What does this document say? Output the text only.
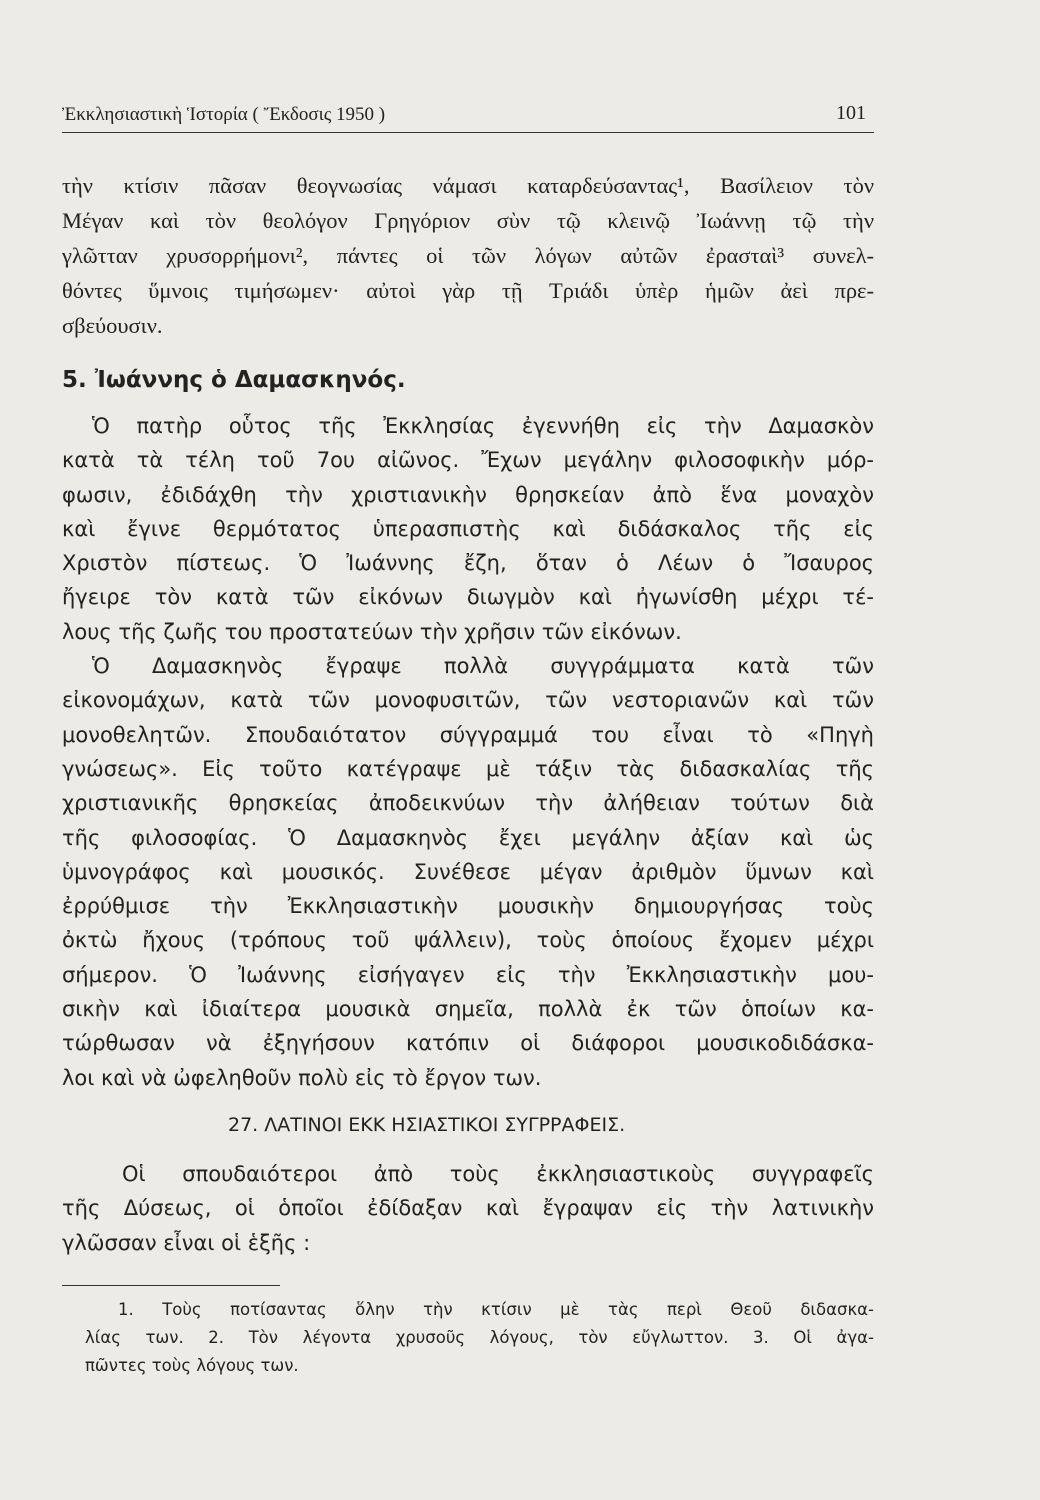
Ἐκκλησιαστικὴ Ἱστορία ( Ἔκδοσις 1950 )	101
τὴν κτίσιν πᾶσαν θεογνωσίας νάμασι καταρδεύσαντας¹, Βασίλειον τὸν
Μέγαν καὶ τὸν θεολόγον Γρηγόριον σὺν τῷ κλεινῷ Ἰωάννῃ τῷ τὴν
γλῶτταν χρυσορρήμονι², πάντες οἱ τῶν λόγων αὐτῶν ἐρασταὶ³ συνελ-
θόντες ὕμνοις τιμήσωμεν· αὐτοὶ γὰρ τῇ Τριάδι ὑπὲρ ἡμῶν ἀεὶ πρε-
σβεύουσιν.
5. Ἰωάννης ὁ Δαμασκηνός.
Ὁ πατὴρ οὗτος τῆς Ἐκκλησίας ἐγεννήθη εἰς τὴν Δαμασκὸν
κατὰ τὰ τέλη τοῦ 7ου αἰῶνος. Ἔχων μεγάλην φιλοσοφικὴν μόρ-
φωσιν, ἐδιδάχθη τὴν χριστιανικὴν θρησκείαν ἀπὸ ἕνα μοναχὸν
καὶ ἔγινε θερμότατος ὑπερασπιστὴς καὶ διδάσκαλος τῆς εἰς
Χριστὸν πίστεως. Ὁ Ἰωάννης ἔζη, ὅταν ὁ Λέων ὁ Ἴσαυρος
ἤγειρε τὸν κατὰ τῶν εἰκόνων διωγμὸν καὶ ἠγωνίσθη μέχρι τέ-
λους τῆς ζωῆς του προστατεύων τὴν χρῆσιν τῶν εἰκόνων.
Ὁ Δαμασκηνὸς ἔγραψε πολλὰ συγγράμματα κατὰ τῶν
εἰκονομάχων, κατὰ τῶν μονοφυσιτῶν, τῶν νεστοριανῶν καὶ τῶν
μονοθελητῶν. Σπουδαιότατον σύγγραμμά του εἶναι τὸ «Πηγὴ
γνώσεως». Εἰς τοῦτο κατέγραψε μὲ τάξιν τὰς διδασκαλίας τῆς
χριστιανικῆς θρησκείας ἀποδεικνύων τὴν ἀλήθειαν τούτων διὰ
τῆς φιλοσοφίας. Ὁ Δαμασκηνὸς ἔχει μεγάλην ἀξίαν καὶ ὡς
ὑμνογράφος καὶ μουσικός. Συνέθεσε μέγαν ἀριθμὸν ὕμνων καὶ
ἐρρύθμισε τὴν Ἐκκλησιαστικὴν μουσικὴν δημιουργήσας τοὺς
ὀκτὼ ἤχους (τρόπους τοῦ ψάλλειν), τοὺς ὁποίους ἔχομεν μέχρι
σήμερον. Ὁ Ἰωάννης εἰσήγαγεν εἰς τὴν Ἐκκλησιαστικὴν μου-
σικὴν καὶ ἰδιαίτερα μουσικὰ σημεῖα, πολλὰ ἐκ τῶν ὁποίων κα-
τώρθωσαν νὰ ἐξηγήσουν κατόπιν οἱ διάφοροι μουσικοδιδάσκα-
λοι καὶ νὰ ὠφεληθοῦν πολὺ εἰς τὸ ἔργον των.
27. ΛΑΤΙΝΟΙ ΕΚΚ ΗΣΙΑΣΤΙΚΟΙ ΣΥΓΡΡΑΦΕΙΣ.
Οἱ σπουδαιότεροι ἀπὸ τοὺς ἐκκλησιαστικοὺς συγγραφεῖς
τῆς Δύσεως, οἱ ὁποῖοι ἐδίδαξαν καὶ ἔγραψαν εἰς τὴν λατινικὴν
γλῶσσαν εἶναι οἱ ἑξῆς :
1. Τοὺς ποτίσαντας ὅλην τὴν κτίσιν μὲ τὰς περὶ Θεοῦ διδασκα-
λίας των. 2. Τὸν λέγοντα χρυσοῦς λόγους, τὸν εὔγλωττον. 3. Οἱ ἀγα-
πῶντες τοὺς λόγους των.
